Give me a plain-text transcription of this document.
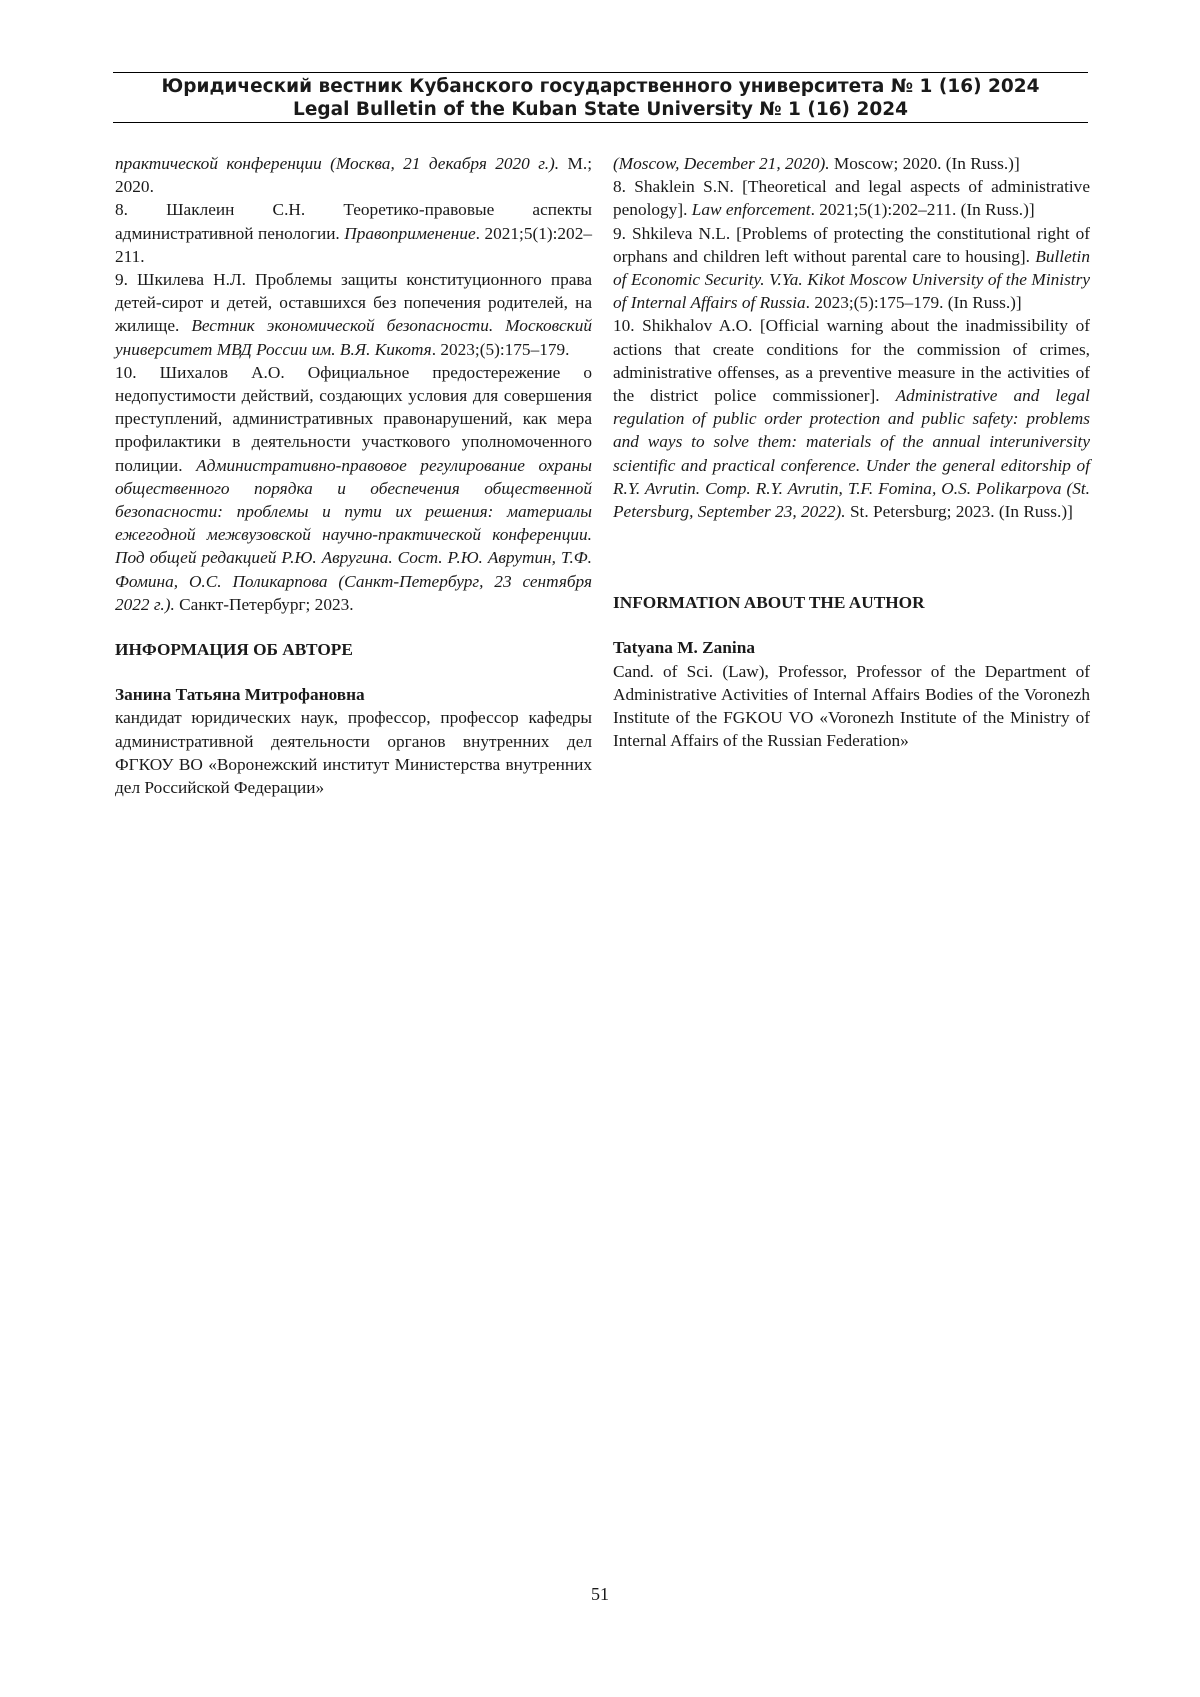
Юридический вестник Кубанского государственного университета № 1 (16) 2024
Legal Bulletin of the Kuban State University № 1 (16) 2024

практической конференции (Москва, 21 декабря 2020 г.). М.; 2020.

8. Шаклеин С.Н. Теоретико-правовые аспекты административной пенологии. Правоприменение. 2021;5(1):202–211.

9. Шкилева Н.Л. Проблемы защиты конституционного права детей-сирот и детей, оставшихся без попечения родителей, на жилище. Вестник экономической безопасности. Московский университет МВД России им. В.Я. Кикотя. 2023;(5):175–179.

10. Шихалов А.О. Официальное предостережение о недопустимости действий, создающих условия для совершения преступлений, административных правонарушений, как мера профилактики в деятельности участкового уполномоченного полиции. Административно-правовое регулирование охраны общественного порядка и обеспечения общественной безопасности: проблемы и пути их решения: материалы ежегодной межвузовской научно-практической конференции. Под общей редакцией Р.Ю. Авругина. Сост. Р.Ю. Аврутин, Т.Ф. Фомина, О.С. Поликарпова (Санкт-Петербург, 23 сентября 2022 г.). Санкт-Петербург; 2023.

ИНФОРМАЦИЯ ОБ АВТОРЕ

Занина Татьяна Митрофановна

кандидат юридических наук, профессор, профессор кафедры административной деятельности органов внутренних дел ФГКОУ ВО «Воронежский институт Министерства внутренних дел Российской Федерации»

(Moscow, December 21, 2020). Moscow; 2020. (In Russ.)]

8. Shaklein S.N. [Theoretical and legal aspects of administrative penology]. Law enforcement. 2021;5(1):202–211. (In Russ.)]

9. Shkileva N.L. [Problems of protecting the constitutional right of orphans and children left without parental care to housing]. Bulletin of Economic Security. V.Ya. Kikot Moscow University of the Ministry of Internal Affairs of Russia. 2023;(5):175–179. (In Russ.)]

10. Shikhalov A.O. [Official warning about the inadmissibility of actions that create conditions for the commission of crimes, administrative offenses, as a preventive measure in the activities of the district police commissioner]. Administrative and legal regulation of public order protection and public safety: problems and ways to solve them: materials of the annual interuniversity scientific and practical conference. Under the general editorship of R.Y. Avrutin. Comp. R.Y. Avrutin, T.F. Fomina, O.S. Polikarpova (St. Petersburg, September 23, 2022). St. Petersburg; 2023. (In Russ.)]

INFORMATION ABOUT THE AUTHOR

Tatyana M. Zanina

Cand. of Sci. (Law), Professor, Professor of the Department of Administrative Activities of Internal Affairs Bodies of the Voronezh Institute of the FGKOU VO «Voronezh Institute of the Ministry of Internal Affairs of the Russian Federation»

51
